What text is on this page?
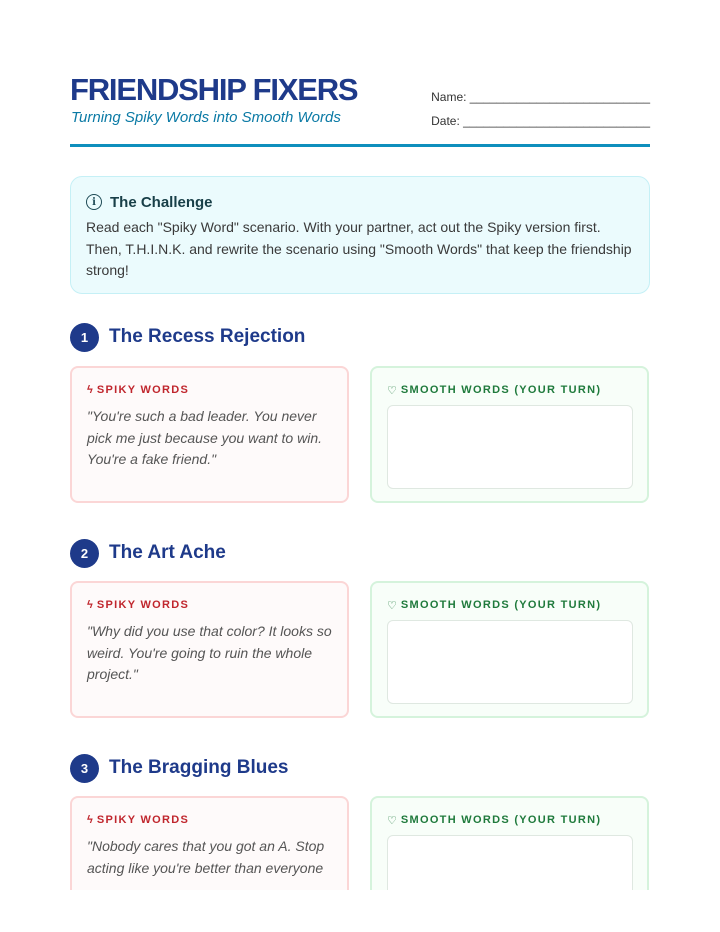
FRIENDSHIP FIXERS
Turning Spiky Words into Smooth Words
Name: ___________________________
Date: ____________________________
i The Challenge
Read each "Spiky Word" scenario. With your partner, act out the Spiky version first. Then, T.H.I.N.K. and rewrite the scenario using "Smooth Words" that keep the friendship strong!
1	The Recess Rejection
ϟ SPIKY WORDS
"You're such a bad leader. You never pick me just because you want to win. You're a fake friend."
♡ SMOOTH WORDS (YOUR TURN)
2	The Art Ache
ϟ SPIKY WORDS
"Why did you use that color? It looks so weird. You're going to ruin the whole project."
♡ SMOOTH WORDS (YOUR TURN)
3	The Bragging Blues
ϟ SPIKY WORDS
"Nobody cares that you got an A. Stop acting like you're better than everyone
♡ SMOOTH WORDS (YOUR TURN)
